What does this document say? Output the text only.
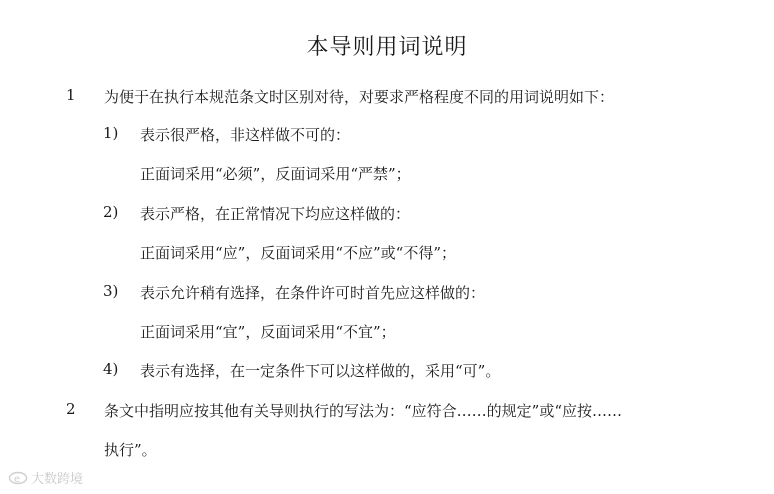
本导则用词说明
1 为便于在执行本规范条文时区别对待，对要求严格程度不同的用词说明如下：
1) 表示很严格，非这样做不可的：
正面词采用“必须”，反面词采用“严禁”；
2) 表示严格，在正常情况下均应这样做的：
正面词采用“应”，反面词采用“不应”或“不得”；
3) 表示允许稍有选择，在条件许可时首先应这样做的：
正面词采用“宜”，反面词采用“不宜”；
4) 表示有选择，在一定条件下可以这样做的，采用“可”。
2 条文中指明应按其他有关导则执行的写法为：“应符合……的规定”或“应按……
执行”。
e 大数跨境
